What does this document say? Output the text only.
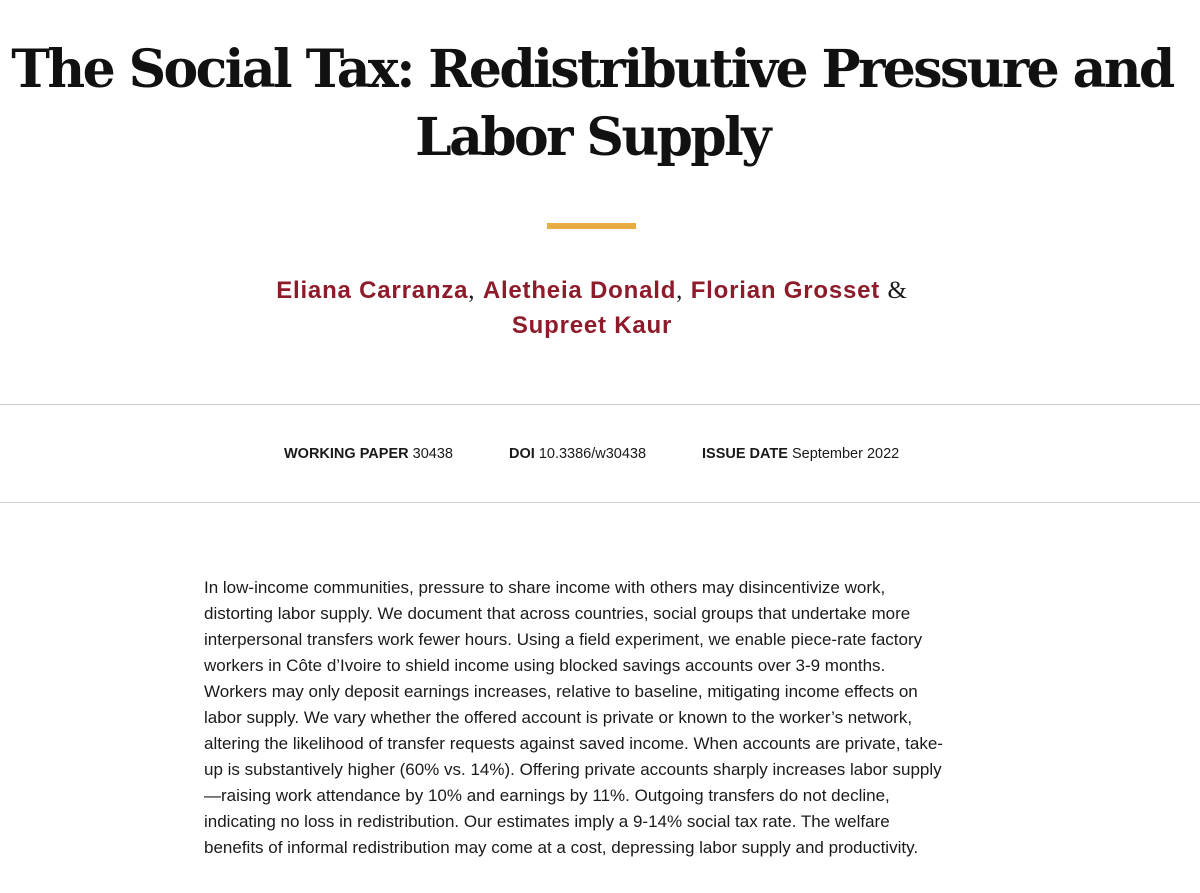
The Social Tax: Redistributive Pressure and
Labor Supply
Eliana Carranza, Aletheia Donald, Florian Grosset &
Supreet Kaur
WORKING PAPER 30438	DOI 10.3386/w30438	ISSUE DATE September 2022

In low-income communities, pressure to share income with others may disincentivize work,
distorting labor supply. We document that across countries, social groups that undertake more
interpersonal transfers work fewer hours. Using a field experiment, we enable piece-rate factory
workers in Côte d’Ivoire to shield income using blocked savings accounts over 3-9 months.
Workers may only deposit earnings increases, relative to baseline, mitigating income effects on
labor supply. We vary whether the offered account is private or known to the worker’s network,
altering the likelihood of transfer requests against saved income. When accounts are private, take-
up is substantively higher (60% vs. 14%). Offering private accounts sharply increases labor supply
—raising work attendance by 10% and earnings by 11%. Outgoing transfers do not decline,
indicating no loss in redistribution. Our estimates imply a 9-14% social tax rate. The welfare
benefits of informal redistribution may come at a cost, depressing labor supply and productivity.
